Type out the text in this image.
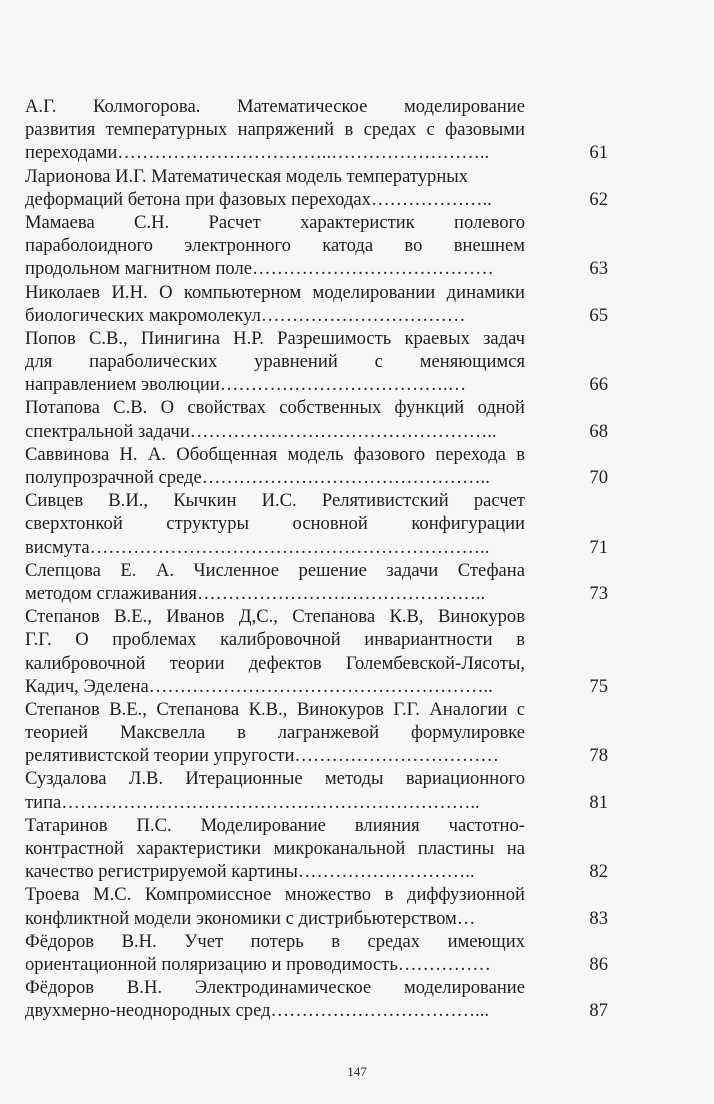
А.Г. Колмогорова. Математическое моделирование
развития температурных напряжений в средах с фазовыми
переходами……………………………..……………………..	61
Ларионова И.Г. Математическая модель температурных
деформаций бетона при фазовых переходах………………..	62
Мамаева С.Н. Расчет характеристик полевого
параболоидного электронного катода во внешнем
продольном магнитном поле…………………………………	63
Николаев И.Н. О компьютерном моделировании динамики
биологических макромолекул……………………………	65
Попов С.В., Пинигина Н.Р. Разрешимость краевых задач
для параболических уравнений с меняющимся
направлением эволюции……………………………….…	66
Потапова С.В. О свойствах собственных функций одной
спектральной задачи…………………………………………..	68
Саввинова Н. А. Обобщенная модель фазового перехода в
полупрозрачной среде………………………………………..	70
Сивцев В.И., Кычкин И.С. Релятивистский расчет
сверхтонкой структуры основной конфигурации
висмута………………………………………………………..	71
Слепцова Е. А. Численное решение задачи Стефана
методом сглаживания………………………………………..	73
Степанов В.Е., Иванов Д,С., Степанова К.В, Винокуров
Г.Г. О проблемах калибровочной инвариантности в
калибровочной теории дефектов Голембевской-Лясоты,
Кадич, Эделена………………………………………………..	75
Степанов В.Е., Степанова К.В., Винокуров Г.Г. Аналогии с
теорией Максвелла в лагранжевой формулировке
релятивистской теории упругости……………………………	78
Суздалова Л.В. Итерационные методы вариационного
типа…………………………………………………………..	81
Татаринов П.С. Моделирование влияния частотно-
контрастной характеристики микроканальной пластины на
качество регистрируемой картины………………………..	82
Троева М.С. Компромиссное множество в диффузионной
конфликтной модели экономики с дистрибьютерством…	83
Фёдоров В.Н. Учет потерь в средах имеющих
ориентационной поляризацию и проводимость……………	86
Фёдоров В.Н. Электродинамическое моделирование
двухмерно-неоднородных сред……………………………...	87
147
